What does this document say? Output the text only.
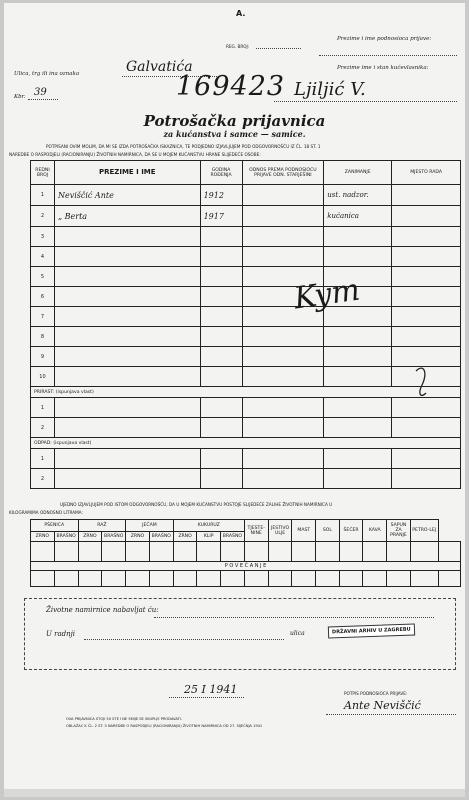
A.
REG. BROJ:
Prezime i ime podnosioca prijave:
Ulica, trg ili ina oznaka	Galvatića	Prezime ime i stan kućevlasnika:
Kbr. 39	169423 Ljiljić V.
Potrošačka prijavnica
za kućanstva i samce — samice.
POTPISANI OVIM MOLIM, DA MI SE IZDA POTROŠAČKA ISKAZNICA, TE PODJEDNO IZJAVLJUJEM POD ODGOVORNOŠĆU IZ ČL. 18 ST. 1
NAREDBE O RASPODJELI (RACIONIRANJU) ŽIVOTNIH NAMIRNICA, DA SE U MOJEM KUĆANSTVU HRANE SLIJEDEĆE OSOBE:
REDNI BROJ	PREZIME I IME	GODINA ROĐENJA	ODNOS PREMA PODNOSIOCU PRIJAVE ODN. STARJEŠINI	ZANIMANJE	MJESTO RADA
1	Neviščić Ante	1912		ust. nadzor.	
2	„ Berta	1917		kućanica	
3					
4					
5					
6					
7					
8					
9					
10					
PRIRAST: (ispunjava vlast)					
1					
2					
ODPAD: (ispunjava vlast)					
1					
2					
Kym
UJEDNO IZJAVLJUJEM POD ISTOM ODGOVORNOŠĆU, DA U MOJEM KUĆANSTVU POSTOJE SLIJEDEĆE ZALIHE ŽIVOTNIH NAMIRNICA U
KILOGRAMIMA ODNOSNO LITRAMA:
PŠENICA		RAŽ		JEČAM		KUKURUZ			TJESTE-NINE	JESTIVO ULJE	MAST	SOL	ŠEĆER	KAVA	SAPUN ZA PRANJE	PETRO-LEJ	
ZRNO	BRAŠNO	ZRNO	BRAŠNO	ZRNO	BRAŠNO	ZRNO	KLIP	BRAŠNO									

P O V E Ć A N J E																	

Životne namirnice nabavljat ću:
U radnji	ulica	DRŽAVNI ARHIV U ZAGREBU
25 I 1941	POTPIS PODNOSIOCA PRIJAVE:
Ante Neviščić
OVA PRIJAVNICA STOJI 50 STE I NE SMIJE SE SKUPLJE PRODAVATI.
OBLAŽAC K ČL. 2 ST. 3 NAREDBE O RASPODJELI (RACIONIRANJU) ŽIVOTNIH NAMIRNICA OD 27. SIJEČNJA 1941
